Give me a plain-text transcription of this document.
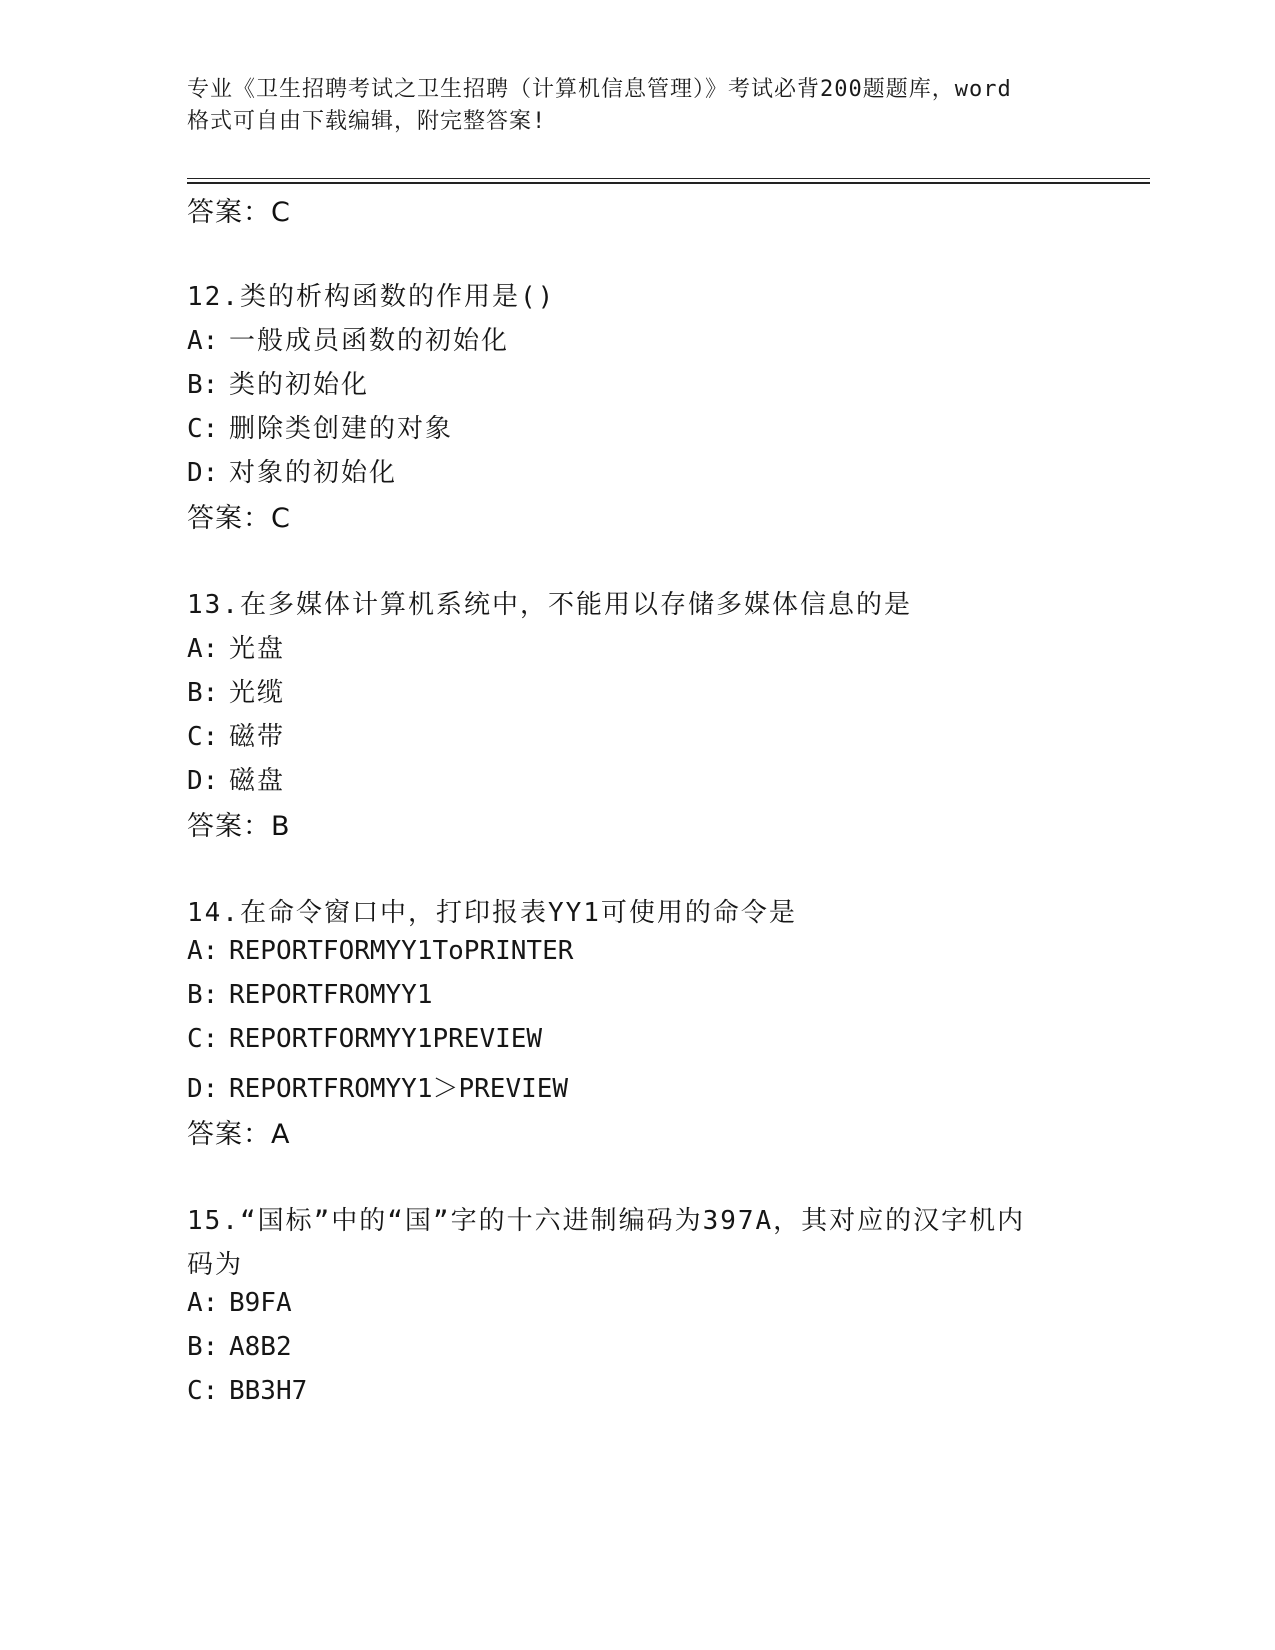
专业《卫生招聘考试之卫生招聘（计算机信息管理）》考试必背200题题库，word
格式可自由下载编辑，附完整答案!
答案：C
12.类的析构函数的作用是()
A: 一般成员函数的初始化
B: 类的初始化
C: 删除类创建的对象
D: 对象的初始化
答案：C
13.在多媒体计算机系统中，不能用以存储多媒体信息的是
A: 光盘
B: 光缆
C: 磁带
D: 磁盘
答案：B
14.在命令窗口中，打印报表YY1可使用的命令是
A: REPORTFORMYY1ToPRINTER
B: REPORTFROMYY1
C: REPORTFORMYY1PREVIEW
D: REPORTFROMYY1＞PREVIEW
答案：A
15.“国标”中的“国”字的十六进制编码为397A，其对应的汉字机内
码为
A: B9FA
B: A8B2
C: BB3H7
